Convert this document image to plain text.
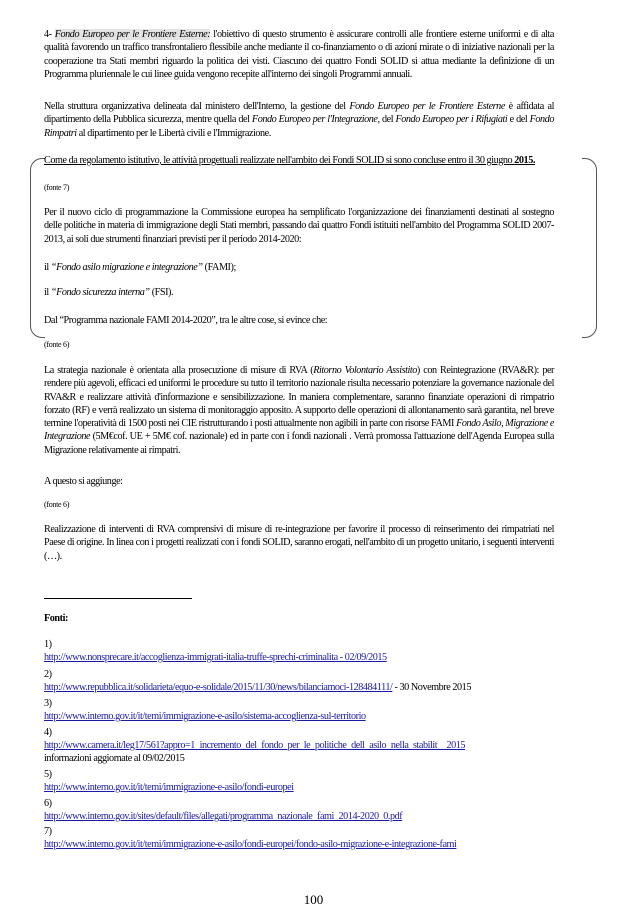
4- Fondo Europeo per le Frontiere Esterne: l'obiettivo di questo strumento è assicurare controlli alle frontiere esterne uniformi e di alta qualità favorendo un traffico transfrontaliero flessibile anche mediante il co-finanziamento o di azioni mirate o di iniziative nazionali per la cooperazione tra Stati membri riguardo la politica dei visti. Ciascuno dei quattro Fondi SOLID si attua mediante la definizione di un Programma pluriennale le cui linee guida vengono recepite all'interno dei singoli Programmi annuali.

Nella struttura organizzativa delineata dal ministero dell'Interno, la gestione del Fondo Europeo per le Frontiere Esterne è affidata al dipartimento della Pubblica sicurezza, mentre quella del Fondo Europeo per l'Integrazione, del Fondo Europeo per i Rifugiati e del Fondo Rimpatri al dipartimento per le Libertà civili e l'Immigrazione.

Come da regolamento istitutivo, le attività progettuali realizzate nell'ambito dei Fondi SOLID si sono concluse entro il 30 giugno 2015.

(fonte 7)
Per il nuovo ciclo di programmazione la Commissione europea ha semplificato l'organizzazione dei finanziamenti destinati al sostegno delle politiche in materia di immigrazione degli Stati membri, passando dai quattro Fondi istituiti nell'ambito del Programma SOLID 2007-2013, ai soli due strumenti finanziari previsti per il periodo 2014-2020:
il “Fondo asilo migrazione e integrazione” (FAMI);
il “Fondo sicurezza interna” (FSI).
Dal “Programma nazionale FAMI 2014-2020”, tra le altre cose, si evince che:
(fonte 6)

La strategia nazionale è orientata alla prosecuzione di misure di RVA (Ritorno Volontario Assistito) con Reintegrazione (RVA&R): per rendere più agevoli, efficaci ed uniformi le procedure su tutto il territorio nazionale risulta necessario potenziare la governance nazionale del RVA&R e realizzare attività d'informazione e sensibilizzazione. In maniera complementare, saranno finanziate operazioni di rimpatrio forzato (RF) e verrà realizzato un sistema di monitoraggio apposito. A supporto delle operazioni di allontanamento sarà garantita, nel breve termine l'operatività di 1500 posti nei CIE ristrutturando i posti attualmente non agibili in parte con risorse FAMI Fondo Asilo, Migrazione e Integrazione (5M€cof. UE + 5M€ cof. nazionale) ed in parte con i fondi nazionali . Verrà promossa l'attuazione dell'Agenda Europea sulla Migrazione relativamente ai rimpatri.

A questo si aggiunge:
(fonte 6)
Realizzazione di interventi di RVA comprensivi di misure di re-integrazione per favorire il processo di reinserimento dei rimpatriati nel Paese di origine. In linea con i progetti realizzati con i fondi SOLID, saranno erogati, nell'ambito di un progetto unitario, i seguenti interventi (…).
Fonti:
1)
http://www.nonsprecare.it/accoglienza-immigrati-italia-truffe-sprechi-criminalita - 02/09/2015
2)
http://www.repubblica.it/solidarieta/equo-e-solidale/2015/11/30/news/bilanciamoci-128484111/ - 30 Novembre 2015
3)
http://www.interno.gov.it/it/temi/immigrazione-e-asilo/sistema-accoglienza-sul-territorio
4)
http://www.camera.it/leg17/561?appro=1_incremento_del_fondo_per_le_politiche_dell_asilo_nella_stabilit__2015
informazioni aggiornate al 09/02/2015
5)
http://www.interno.gov.it/it/temi/immigrazione-e-asilo/fondi-europei
6)
http://www.interno.gov.it/sites/default/files/allegati/programma_nazionale_fami_2014-2020_0.pdf
7)
http://www.interno.gov.it/it/temi/immigrazione-e-asilo/fondi-europei/fondo-asilo-migrazione-e-integrazione-fami
100
